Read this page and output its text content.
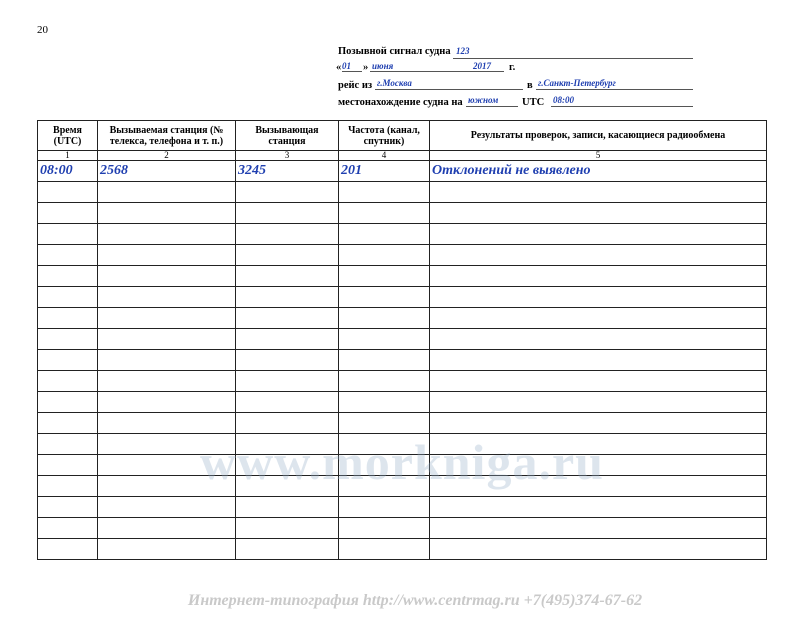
20
Позывной сигнал судна 123
« 01 » июня	2017 г.
рейс из г.Москва	в г.Санкт-Петербург
местонахождение судна на южном UTC 08:00
Время (UTC)	Вызываемая станция (№ телекса, телефона и т. п.)	Вызывающая станция	Частота (канал, спутник)	Результаты проверок, записи, касающиеся радиообмена
1	2	3	4	5
08:00	2568	3245	201	Отклонений не выявлено

www.morkniga.ru
Интернет-типография http://www.centrmag.ru +7(495)374-67-62
